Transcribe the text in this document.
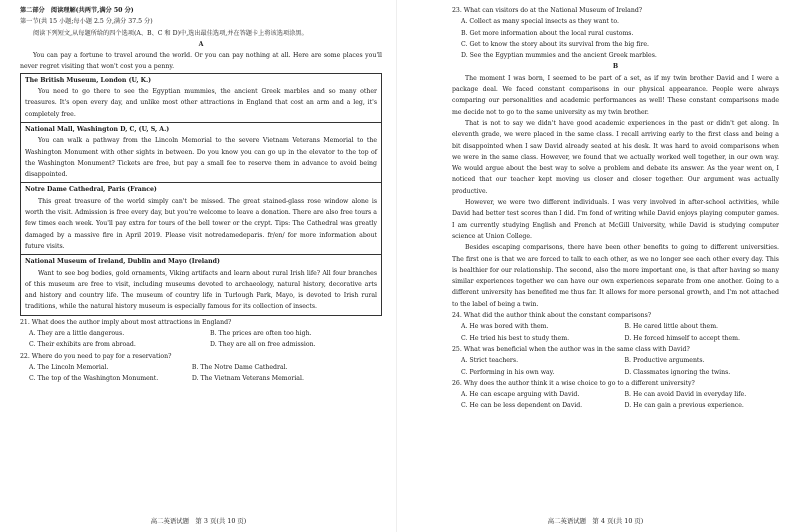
第二部分　阅读理解(共两节,满分 50 分)

第一节(共 15 小题;每小题 2.5 分,满分 37.5 分)

阅读下列短文,从每题所给的四个选项(A、B、C 和 D)中,选出最佳选项,并在答题卡上将该选项涂黑。

A

You can pay a fortune to travel around the world. Or you can pay nothing at all. Here are some places you'll never regret visiting that won't cost you a penny.

The British Museum, London (U, K.)

You need to go there to see the Egyptian mummies, the ancient Greek marbles and so many other treasures. It's open every day, and unlike most other attractions in England that cost an arm and a leg, it's completely free.

National Mall, Washington D, C, (U, S, A.)

You can walk a pathway from the Lincoln Memorial to the severe Vietnam Veterans Memorial to the Washington Monument with other sights in between. Do you know you can go up in the elevator to the top of the Washington Monument? Tickets are free, but pay a small fee to reserve them in advance to avoid being disappointed.

Notre Dame Cathedral, Paris (France)

This great treasure of the world simply can't be missed. The great stained-glass rose window alone is worth the visit. Admission is free every day, but you're welcome to leave a donation. There are also free tours a few times each week. You'll pay extra for tours of the bell tower or the crypt. Tips: The Cathedral was greatly damaged by a massive fire in April 2019. Please visit notredamedeparis. fr/en/ for more information about future visits.

National Museum of Ireland, Dublin and Mayo (Ireland)

Want to see bog bodies, gold ornaments, Viking artifacts and learn about rural Irish life? All four branches of this museum are free to visit, including museums devoted to archaeology, natural history, decorative arts and history and country life. The museum of country life in Turlough Park, Mayo, is devoted to Irish rural traditions, while the natural history museum is especially famous for its collection of insects.

21. What does the author imply about most attractions in England?

A. They are a little dangerous.	B. The prices are often too high.
C. Their exhibits are from abroad.	D. They are all on free admission.

22. Where do you need to pay for a reservation?

A. The Lincoln Memorial.	B. The Notre Dame Cathedral.
C. The top of the Washington Monument.	D. The Vietnam Veterans Memorial.
高二英语试题　第 3 页(共 10 页)

23. What can visitors do at the National Museum of Ireland?

A. Collect as many special insects as they want to.

B. Get more information about the local rural customs.

C. Get to know the story about its survival from the big fire.

D. See the Egyptian mummies and the ancient Greek marbles.

B

The moment I was born, I seemed to be part of a set, as if my twin brother David and I were a package deal. We faced constant comparisons in our physical appearance. People were always comparing our personalities and academic performances as well! These constant comparisons made me decide not to go to the same university as my twin brother.

That is not to say we didn't have good academic experiences in the past or didn't get along. In eleventh grade, we were placed in the same class. I recall arriving early to the first class and being a bit disappointed when I saw David already seated at his desk. It was hard to avoid comparisons when we were in the same class. However, we found that we actually worked well together, in our own way. We would argue about the best way to solve a problem and debate its answer. As the year went on, I noticed that our teacher kept moving us closer and closer together. Our argument was actually productive.

However, we were two different individuals. I was very involved in after-school activities, while David had better test scores than I did. I'm fond of writing while David enjoys playing computer games. I am currently studying English and French at McGill University, while David is studying computer science at Union College.

Besides escaping comparisons, there have been other benefits to going to different universities. The first one is that we are forced to talk to each other, as we no longer see each other every day. This is healthier for our relationship. The second, also the more important one, is that after having so many similar experiences together we can have our own experiences separate from one another. Going to a different university has benefited me thus far. It allows for more personal growth, and I'm not attached to the label of being a twin.

24. What did the author think about the constant comparisons?

A. He was bored with them.	B. He cared little about them.
C. He tried his best to study them.	D. He forced himself to accept them.

25. What was beneficial when the author was in the same class with David?

A. Strict teachers.	B. Productive arguments.
C. Performing in his own way.	D. Classmates ignoring the twins.

26. Why does the author think it a wise choice to go to a different university?

A. He can escape arguing with David.	B. He can avoid David in everyday life.
C. He can be less dependent on David.	D. He can gain a previous experience.
高二英语试题　第 4 页(共 10 页)
